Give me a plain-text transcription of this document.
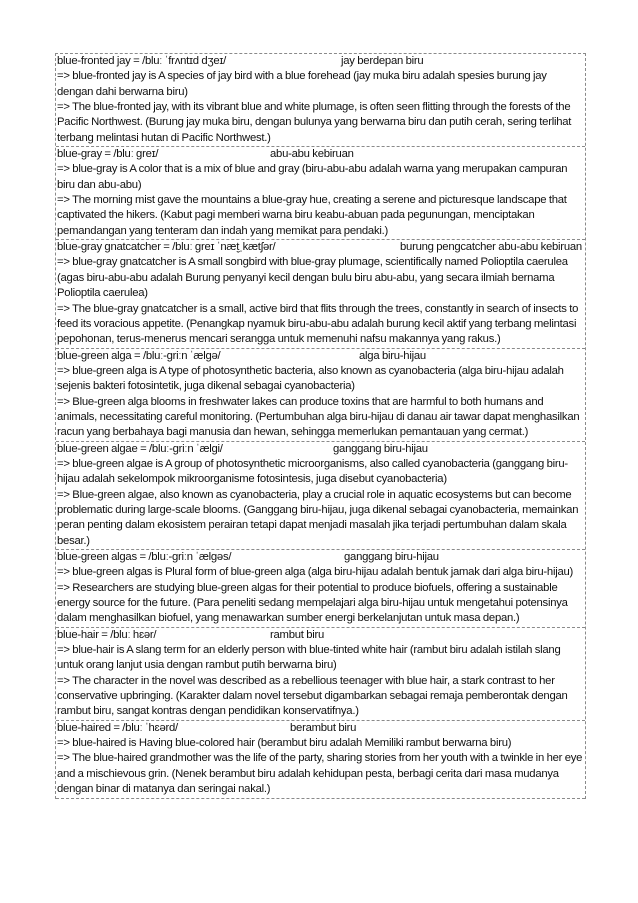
blue-fronted jay = /bluː ˈfrʌntɪd dʒeɪ/	jay berdepan biru
=> blue-fronted jay is A species of jay bird with a blue forehead (jay muka biru adalah spesies burung jay dengan dahi berwarna biru)
=> The blue-fronted jay, with its vibrant blue and white plumage, is often seen flitting through the forests of the Pacific Northwest. (Burung jay muka biru, dengan bulunya yang berwarna biru dan putih cerah, sering terlihat terbang melintasi hutan di Pacific Northwest.)
blue-gray = /bluː ɡreɪ/	abu-abu kebiruan
=> blue-gray is A color that is a mix of blue and gray (biru-abu-abu adalah warna yang merupakan campuran biru dan abu-abu)
=> The morning mist gave the mountains a blue-gray hue, creating a serene and picturesque landscape that captivated the hikers. (Kabut pagi memberi warna biru keabu-abuan pada pegunungan, menciptakan pemandangan yang tenteram dan indah yang memikat para pendaki.)
blue-gray gnatcatcher = /bluː ɡreɪ ˈnæt̬ˌkætʃər/	burung pengcatcher abu-abu kebiruan
=> blue-gray gnatcatcher is A small songbird with blue-gray plumage, scientifically named Polioptila caerulea (agas biru-abu-abu adalah Burung penyanyi kecil dengan bulu biru abu-abu, yang secara ilmiah bernama Polioptila caerulea)
=> The blue-gray gnatcatcher is a small, active bird that flits through the trees, constantly in search of insects to feed its voracious appetite. (Penangkap nyamuk biru-abu-abu adalah burung kecil aktif yang terbang melintasi pepohonan, terus-menerus mencari serangga untuk memenuhi nafsu makannya yang rakus.)
blue-green alga = /bluː-ɡriːn ˈælɡə/	alga biru-hijau
=> blue-green alga is A type of photosynthetic bacteria, also known as cyanobacteria (alga biru-hijau adalah sejenis bakteri fotosintetik, juga dikenal sebagai cyanobacteria)
=> Blue-green alga blooms in freshwater lakes can produce toxins that are harmful to both humans and animals, necessitating careful monitoring. (Pertumbuhan alga biru-hijau di danau air tawar dapat menghasilkan racun yang berbahaya bagi manusia dan hewan, sehingga memerlukan pemantauan yang cermat.)
blue-green algae = /bluː-ɡriːn ˈælɡi/	ganggang biru-hijau
=> blue-green algae is A group of photosynthetic microorganisms, also called cyanobacteria (ganggang biru-hijau adalah sekelompok mikroorganisme fotosintesis, juga disebut cyanobacteria)
=> Blue-green algae, also known as cyanobacteria, play a crucial role in aquatic ecosystems but can become problematic during large-scale blooms. (Ganggang biru-hijau, juga dikenal sebagai cyanobacteria, memainkan peran penting dalam ekosistem perairan tetapi dapat menjadi masalah jika terjadi pertumbuhan dalam skala besar.)
blue-green algas = /bluː-ɡriːn ˈælɡəs/	ganggang biru-hijau
=> blue-green algas is Plural form of blue-green alga (alga biru-hijau adalah bentuk jamak dari alga biru-hijau)
=> Researchers are studying blue-green algas for their potential to produce biofuels, offering a sustainable energy source for the future. (Para peneliti sedang mempelajari alga biru-hijau untuk mengetahui potensinya dalam menghasilkan biofuel, yang menawarkan sumber energi berkelanjutan untuk masa depan.)
blue-hair = /bluː hɛər/	rambut biru
=> blue-hair is A slang term for an elderly person with blue-tinted white hair (rambut biru adalah istilah slang untuk orang lanjut usia dengan rambut putih berwarna biru)
=> The character in the novel was described as a rebellious teenager with blue hair, a stark contrast to her conservative upbringing. (Karakter dalam novel tersebut digambarkan sebagai remaja pemberontak dengan rambut biru, sangat kontras dengan pendidikan konservatifnya.)
blue-haired = /bluː ˈhɛərd/	berambut biru
=> blue-haired is Having blue-colored hair (berambut biru adalah Memiliki rambut berwarna biru)
=> The blue-haired grandmother was the life of the party, sharing stories from her youth with a twinkle in her eye and a mischievous grin. (Nenek berambut biru adalah kehidupan pesta, berbagi cerita dari masa mudanya dengan binar di matanya dan seringai nakal.)
